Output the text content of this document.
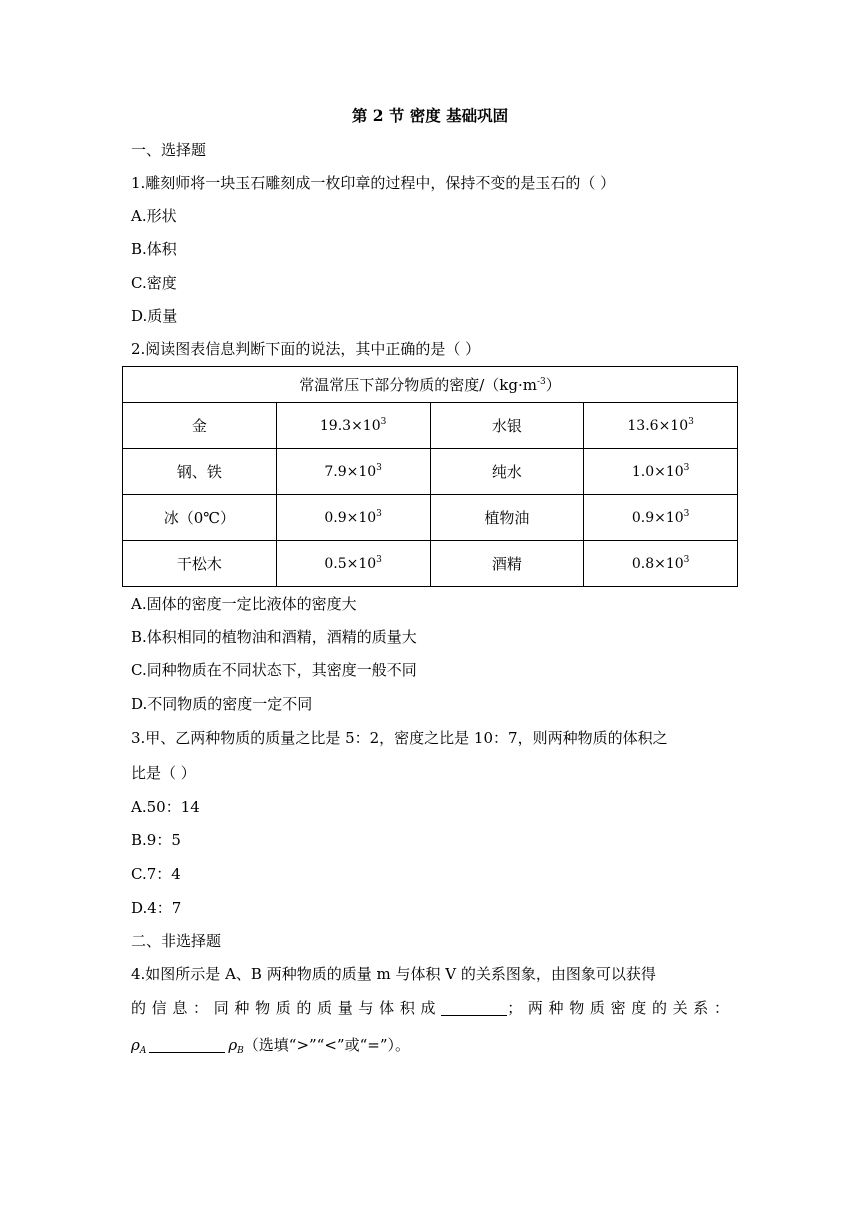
第 2 节 密度 基础巩固
一、选择题
1.雕刻师将一块玉石雕刻成一枚印章的过程中，保持不变的是玉石的（ ）
A.形状
B.体积
C.密度
D.质量
2.阅读图表信息判断下面的说法，其中正确的是（ ）
常温常压下部分物质的密度$/(kg\cdot m^{-3})$			
金	$19.3\times 10^3$	水银	$13.6\times 10^3$
钢、铁	$7.9\times 10^3$	纯水	$1.0\times 10^3$
冰（0℃）	$0.9\times 10^3$	植物油	$0.9\times 10^3$
干松木	$0.5\times 10^3$	酒精	$0.8\times 10^3$
A.固体的密度一定比液体的密度大
B.体积相同的植物油和酒精，酒精的质量大
C.同种物质在不同状态下，其密度一般不同
D.不同物质的密度一定不同
3.甲、乙两种物质的质量之比是 5：2，密度之比是 10：7，则两种物质的体积之
比是（ ）
A.50：14
B.9：5
C.7：4
D.4：7
二、非选择题
4.如图所示是 A、B 两种物质的质量 m 与体积 V 的关系图象，由图象可以获得
的信息：同种物质的质量与体积成	；两种物质密度的关系：
$\rho_A$	$\rho_B$（选填“>”“<”或“=”）。
